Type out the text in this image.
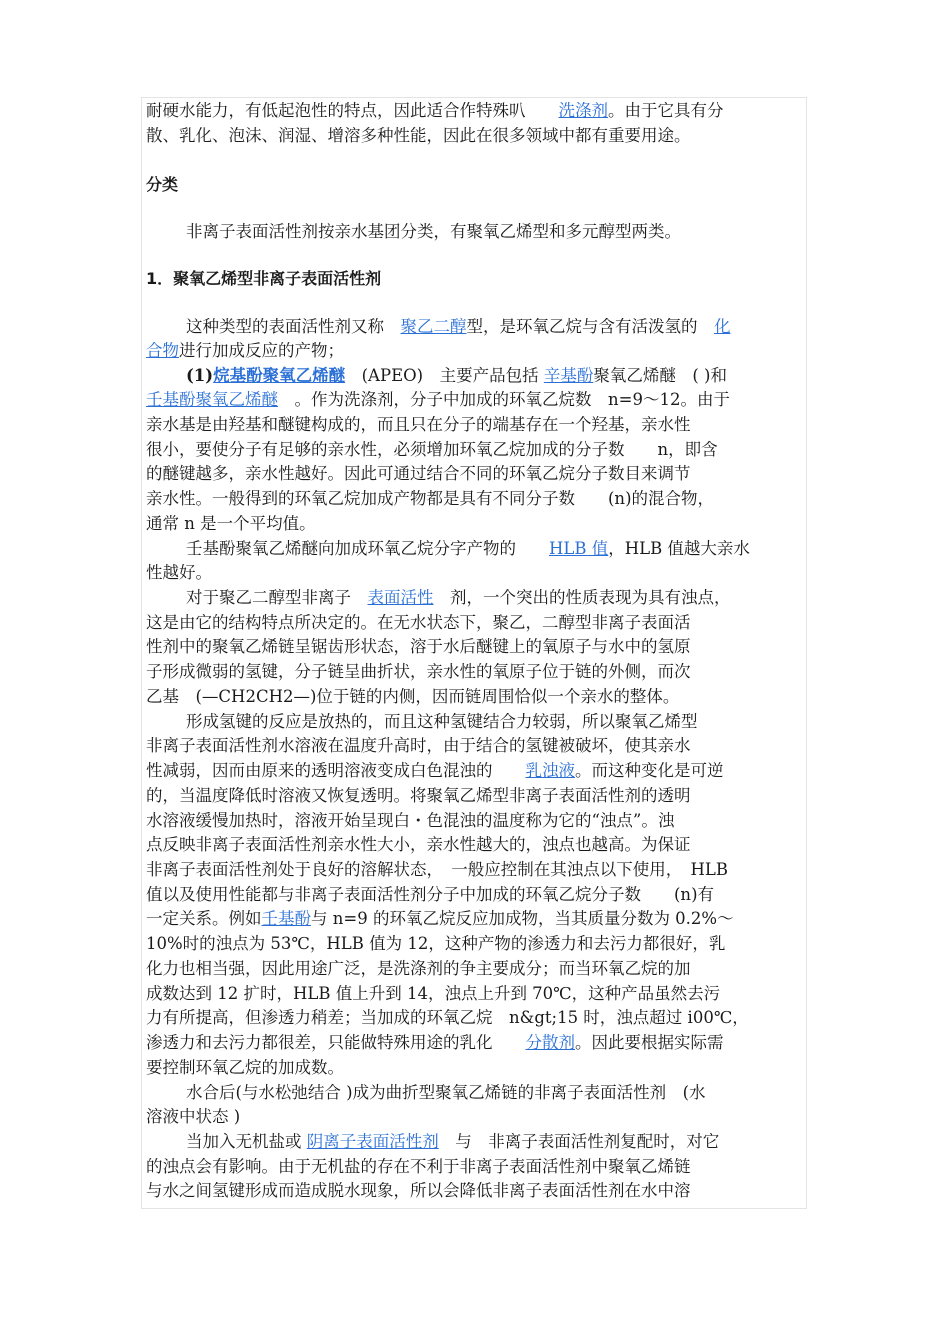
耐硬水能力，有低起泡性的特点，因此适合作特殊叭　　洗涤剂。由于它具有分
散、乳化、泡沫、润湿、增溶多种性能，因此在很多领域中都有重要用途。
分类
非离子表面活性剂按亲水基团分类，有聚氧乙烯型和多元醇型两类。
1．聚氧乙烯型非离子表面活性剂
这种类型的表面活性剂又称　聚乙二醇型，是环氧乙烷与含有活泼氢的　化
合物进行加成反应的产物；
(1)烷基酚聚氧乙烯醚　(APEO)　主要产品包括 辛基酚聚氧乙烯醚　( )和
壬基酚聚氧乙烯醚　。作为洗涤剂，分子中加成的环氧乙烷数　n=9～12。由于
亲水基是由羟基和醚键构成的，而且只在分子的端基存在一个羟基，亲水性
很小，要使分子有足够的亲水性，必须增加环氧乙烷加成的分子数　　n，即含
的醚键越多，亲水性越好。因此可通过结合不同的环氧乙烷分子数目来调节
亲水性。一般得到的环氧乙烷加成产物都是具有不同分子数　　(n)的混合物，
通常 n 是一个平均值。
壬基酚聚氧乙烯醚向加成环氧乙烷分字产物的　　HLB 值，HLB 值越大亲水
性越好。
对于聚乙二醇型非离子　表面活性　剂，一个突出的性质表现为具有浊点，
这是由它的结构特点所决定的。在无水状态下，聚乙，二醇型非离子表面活
性剂中的聚氧乙烯链呈锯齿形状态，溶于水后醚键上的氧原子与水中的氢原
子形成微弱的氢键，分子链呈曲折状，亲水性的氧原子位于链的外侧，而次
乙基　(—CH2CH2—)位于链的内侧，因而链周围恰似一个亲水的整体。
形成氢键的反应是放热的，而且这种氢键结合力较弱，所以聚氧乙烯型
非离子表面活性剂水溶液在温度升高时，由于结合的氢键被破坏，使其亲水
性减弱，因而由原来的透明溶液变成白色混浊的　　乳浊液。而这种变化是可逆
的，当温度降低时溶液又恢复透明。将聚氧乙烯型非离子表面活性剂的透明
水溶液缓慢加热时，溶液开始呈现白・色混浊的温度称为它的“浊点”。浊
点反映非离子表面活性剂亲水性大小，亲水性越大的，浊点也越高。为保证
非离子表面活性剂处于良好的溶解状态，　一般应控制在其浊点以下使用，　HLB
值以及使用性能都与非离子表面活性剂分子中加成的环氧乙烷分子数　　(n)有
一定关系。例如壬基酚与 n=9 的环氧乙烷反应加成物，当其质量分数为 0.2%～
10%时的浊点为 53℃，HLB 值为 12，这种产物的渗透力和去污力都很好，乳
化力也相当强，因此用途广泛，是洗涤剂的争主要成分；而当环氧乙烷的加
成数达到 12 扩时，HLB 值上升到 14，浊点上升到 70℃，这种产品虽然去污
力有所提高，但渗透力稍差；当加成的环氧乙烷　n&gt;15 时，浊点超过 i00℃，
渗透力和去污力都很差，只能做特殊用途的乳化　　分散剂。因此要根据实际需
要控制环氧乙烷的加成数。
水合后(与水松弛结合 )成为曲折型聚氧乙烯链的非离子表面活性剂　(水
溶液中状态 )
当加入无机盐或 阴离子表面活性剂　与　非离子表面活性剂复配时，对它
的浊点会有影响。由于无机盐的存在不利于非离子表面活性剂中聚氧乙烯链
与水之间氢键形成而造成脱水现象，所以会降低非离子表面活性剂在水中溶
